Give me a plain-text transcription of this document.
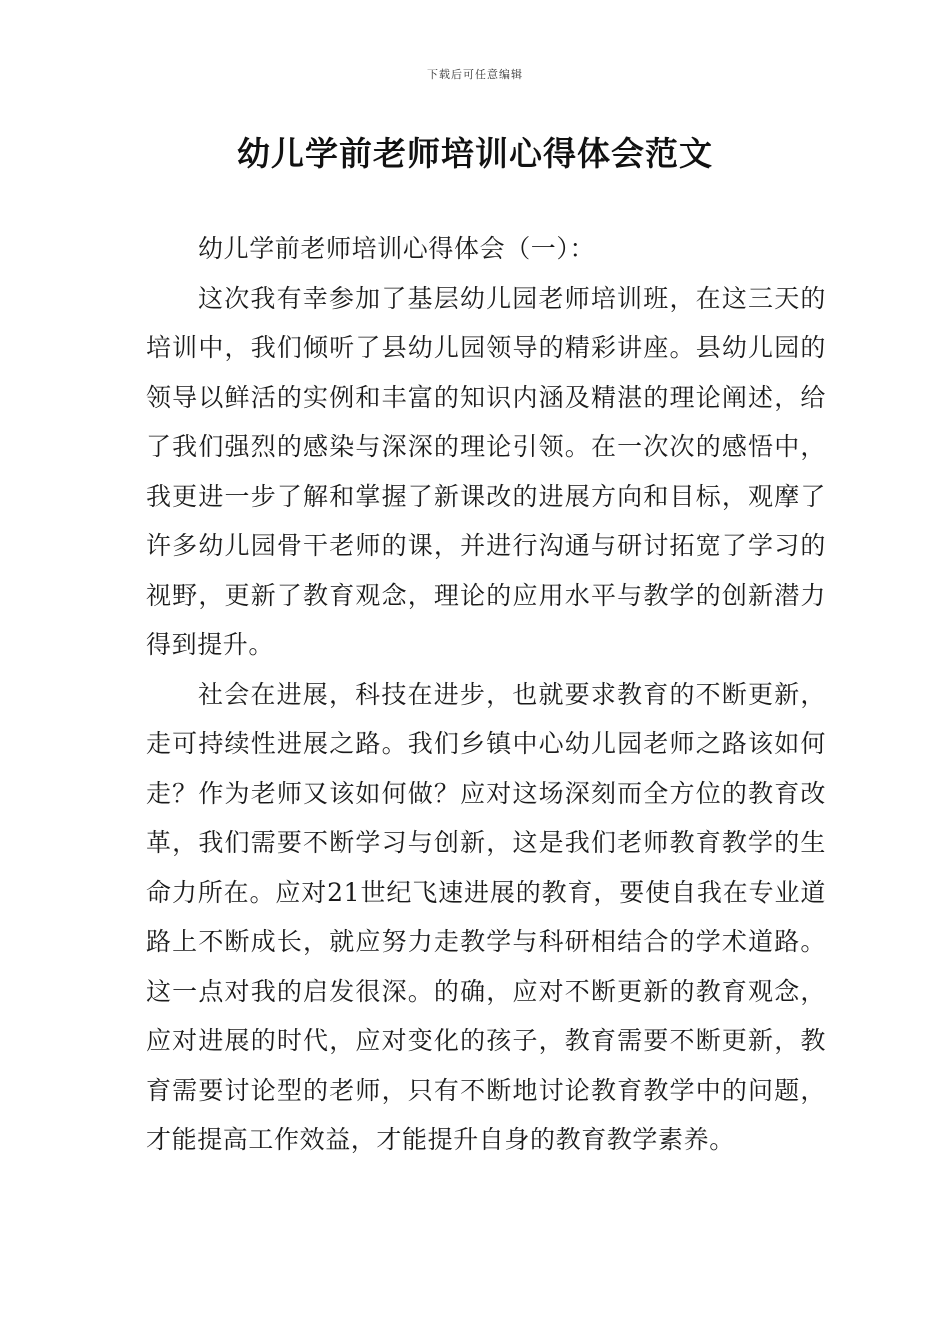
下载后可任意编辑
幼儿学前老师培训心得体会范文

幼儿学前老师培训心得体会（一）：

这次我有幸参加了基层幼儿园老师培训班，在这三天的培训中，我们倾听了县幼儿园领导的精彩讲座。县幼儿园的领导以鲜活的实例和丰富的知识内涵及精湛的理论阐述，给了我们强烈的感染与深深的理论引领。在一次次的感悟中，我更进一步了解和掌握了新课改的进展方向和目标，观摩了许多幼儿园骨干老师的课，并进行沟通与研讨拓宽了学习的视野，更新了教育观念，理论的应用水平与教学的创新潜力得到提升。

社会在进展，科技在进步，也就要求教育的不断更新，走可持续性进展之路。我们乡镇中心幼儿园老师之路该如何走？作为老师又该如何做？应对这场深刻而全方位的教育改革，我们需要不断学习与创新，这是我们老师教育教学的生命力所在。应对21世纪飞速进展的教育，要使自我在专业道路上不断成长，就应努力走教学与科研相结合的学术道路。这一点对我的启发很深。的确，应对不断更新的教育观念，应对进展的时代，应对变化的孩子，教育需要不断更新，教育需要讨论型的老师，只有不断地讨论教育教学中的问题，才能提高工作效益，才能提升自身的教育教学素养。
